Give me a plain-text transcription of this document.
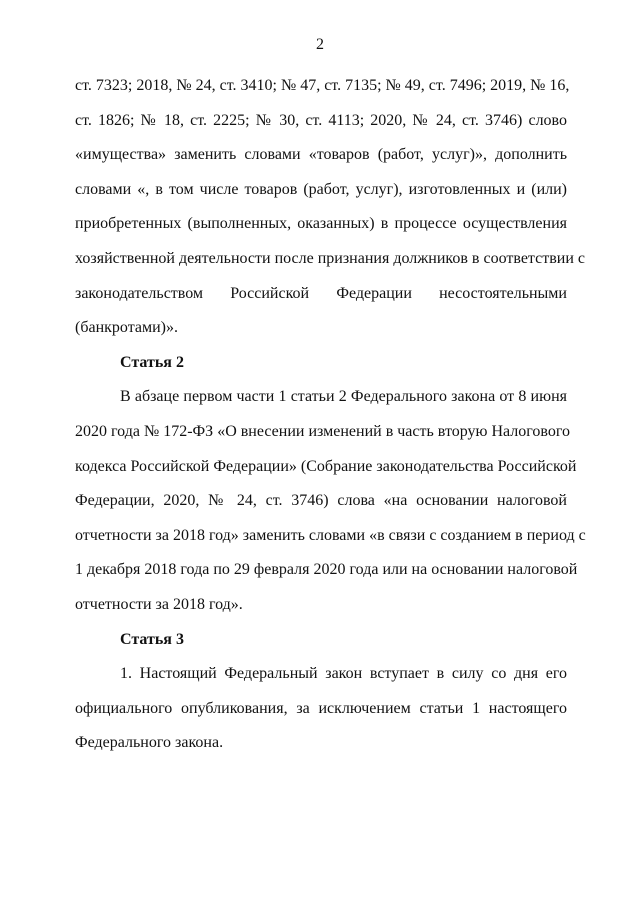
2
ст. 7323; 2018, № 24, ст. 3410; № 47, ст. 7135; № 49, ст. 7496; 2019, № 16,
ст. 1826; № 18, ст. 2225; № 30, ст. 4113; 2020, № 24, ст. 3746) слово
«имущества» заменить словами «товаров (работ, услуг)», дополнить
словами «, в том числе товаров (работ, услуг), изготовленных и (или)
приобретенных (выполненных, оказанных) в процессе осуществления
хозяйственной деятельности после признания должников в соответствии с
законодательством Российской Федерации несостоятельными
(банкротами)».
Статья 2
В абзаце первом части 1 статьи 2 Федерального закона от 8 июня
2020 года № 172-ФЗ «О внесении изменений в часть вторую Налогового
кодекса Российской Федерации» (Собрание законодательства Российской
Федерации, 2020, № 24, ст. 3746) слова «на основании налоговой
отчетности за 2018 год» заменить словами «в связи с созданием в период с
1 декабря 2018 года по 29 февраля 2020 года или на основании налоговой
отчетности за 2018 год».
Статья 3
1. Настоящий Федеральный закон вступает в силу со дня его
официального опубликования, за исключением статьи 1 настоящего
Федерального закона.
